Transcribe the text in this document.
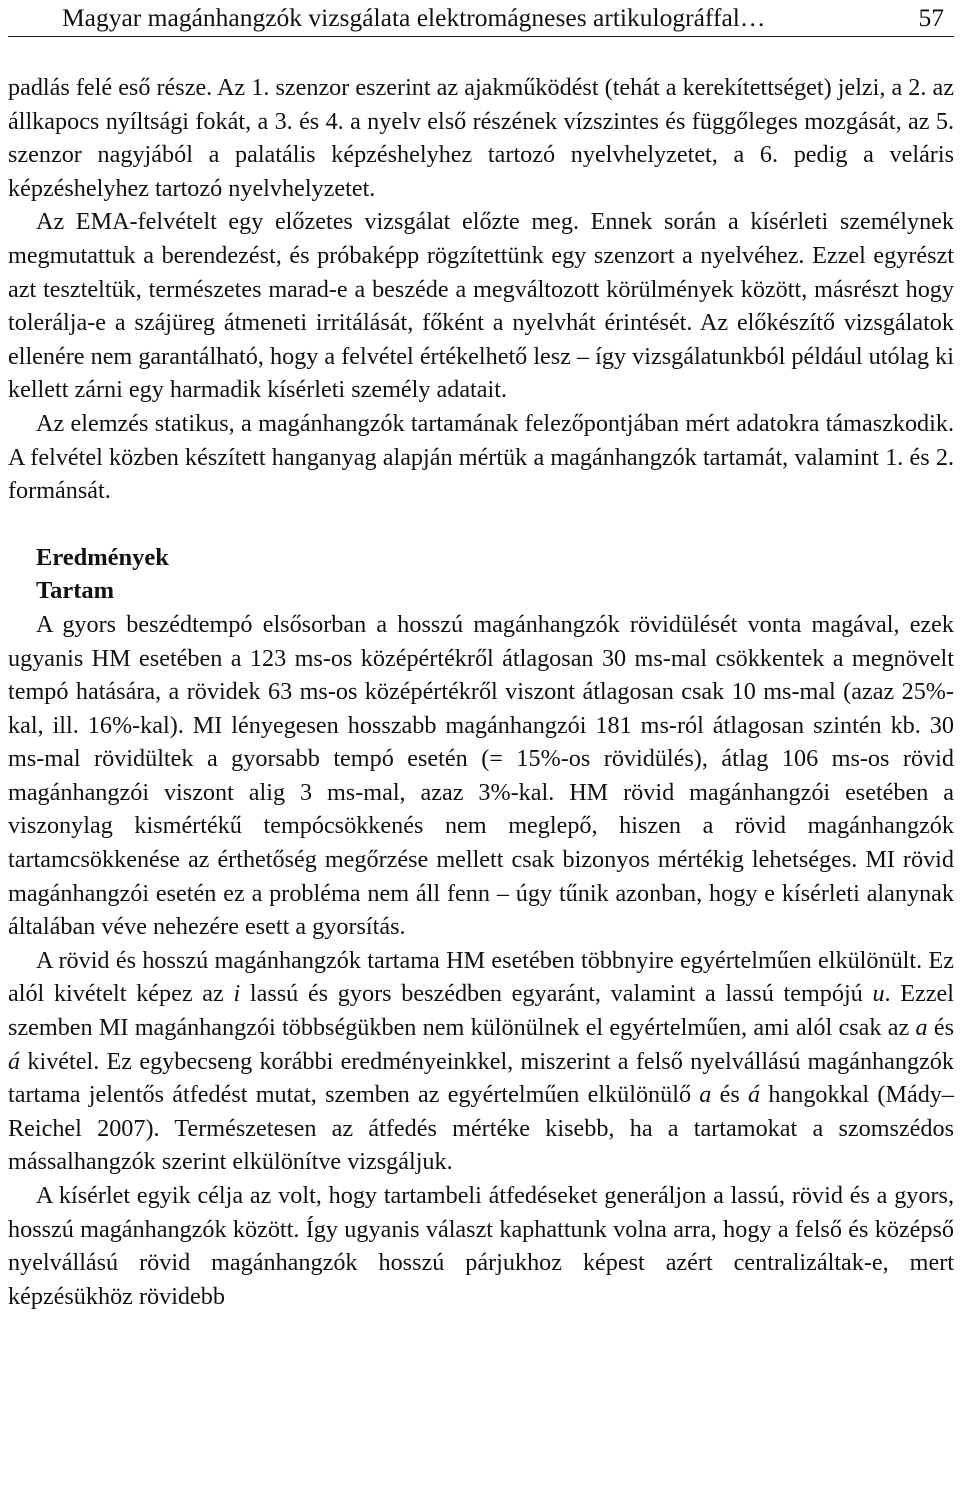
Magyar magánhangzók vizsgálata elektromágneses artikulográffal…	57

padlás felé eső része. Az 1. szenzor eszerint az ajakműködést (tehát a kerekítettséget) jelzi, a 2. az állkapocs nyíltsági fokát, a 3. és 4. a nyelv első részének vízszintes és függőleges mozgását, az 5. szenzor nagyjából a palatális képzéshelyhez tartozó nyelvhelyzetet, a 6. pedig a veláris képzéshelyhez tartozó nyelvhelyzetet.

Az EMA-felvételt egy előzetes vizsgálat előzte meg. Ennek során a kísérleti személynek megmutattuk a berendezést, és próbaképp rögzítettünk egy szenzort a nyelvéhez. Ezzel egyrészt azt teszteltük, természetes marad-e a beszéde a megváltozott körülmények között, másrészt hogy tolerálja-e a szájüreg átmeneti irritálását, főként a nyelvhát érintését. Az előkészítő vizsgálatok ellenére nem garantálható, hogy a felvétel értékelhető lesz – így vizsgálatunkból például utólag ki kellett zárni egy harmadik kísérleti személy adatait.

Az elemzés statikus, a magánhangzók tartamának felezőpontjában mért adatokra támaszkodik. A felvétel közben készített hanganyag alapján mértük a magánhangzók tartamát, valamint 1. és 2. formánsát.

Eredmények
Tartam

A gyors beszédtempó elsősorban a hosszú magánhangzók rövidülését vonta magával, ezek ugyanis HM esetében a 123 ms-os középértékről átlagosan 30 ms-mal csökkentek a megnövelt tempó hatására, a rövidek 63 ms-os középértékről viszont átlagosan csak 10 ms-mal (azaz 25%-kal, ill. 16%-kal). MI lényegesen hosszabb magánhangzói 181 ms-ról átlagosan szintén kb. 30 ms-mal rövidültek a gyorsabb tempó esetén (= 15%-os rövidülés), átlag 106 ms-os rövid magánhangzói viszont alig 3 ms-mal, azaz 3%-kal. HM rövid magánhangzói esetében a viszonylag kismértékű tempócsökkenés nem meglepő, hiszen a rövid magánhangzók tartamcsökkenése az érthetőség megőrzése mellett csak bizonyos mértékig lehetséges. MI rövid magánhangzói esetén ez a probléma nem áll fenn – úgy tűnik azonban, hogy e kísérleti alanynak általában véve nehezére esett a gyorsítás.

A rövid és hosszú magánhangzók tartama HM esetében többnyire egyértelműen elkülönült. Ez alól kivételt képez az i lassú és gyors beszédben egyaránt, valamint a lassú tempójú u. Ezzel szemben MI magánhangzói többségükben nem különülnek el egyértelműen, ami alól csak az a és á kivétel. Ez egybecseng korábbi eredményeinkkel, miszerint a felső nyelvállású magánhangzók tartama jelentős átfedést mutat, szemben az egyértelműen elkülönülő a és á hangokkal (Mády–Reichel 2007). Természetesen az átfedés mértéke kisebb, ha a tartamokat a szomszédos mássalhangzók szerint elkülönítve vizsgáljuk.

A kísérlet egyik célja az volt, hogy tartambeli átfedéseket generáljon a lassú, rövid és a gyors, hosszú magánhangzók között. Így ugyanis választ kaphattunk volna arra, hogy a felső és középső nyelvállású rövid magánhangzók hosszú párjukhoz képest azért centralizáltak-e, mert képzésükhöz rövidebb
